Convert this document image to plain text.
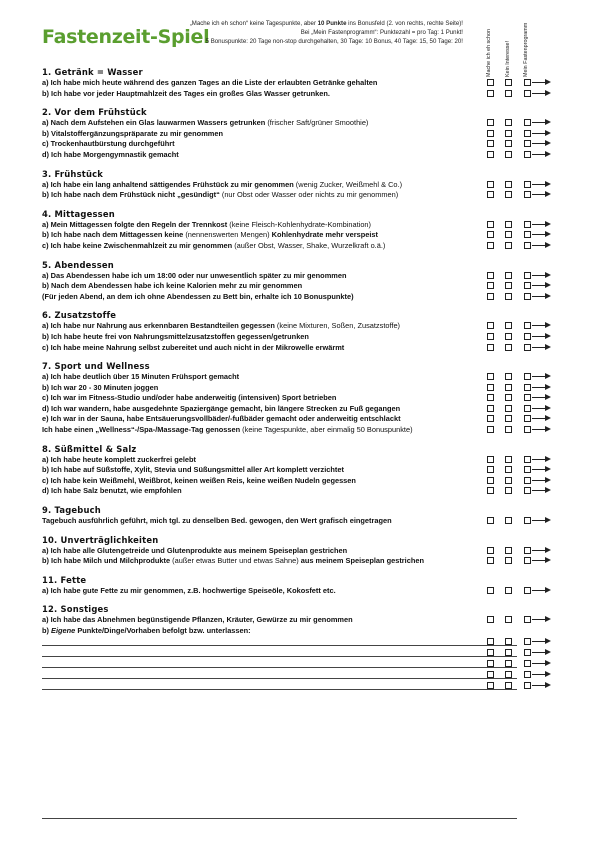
Fastenzeit-Spiel
„Mache ich eh schon“ keine Tagespunkte, aber 10 Punkte ins Bonusfeld (2. von rechts, rechte Seite)!
Bei „Mein Fastenprogramm“: Punktezahl = pro Tag: 1 Punkt!
5 Bonuspunkte: 20 Tage non-stop durchgehalten, 30 Tage: 10 Bonus, 40 Tage: 15, 50 Tage: 20!	Mache ich eh schon Kein Interesse! Mein Fastenprogramm
1. Getränk = Wasser
a) Ich habe mich heute während des ganzen Tages an die Liste der erlaubten Getränke gehalten
b) Ich habe vor jeder Hauptmahlzeit des Tages ein großes Glas Wasser getrunken.
2. Vor dem Frühstück
a) Nach dem Aufstehen ein Glas lauwarmen Wassers getrunken (frischer Saft/grüner Smoothie)
b) Vitalstoffergänzungspräparate zu mir genommen
c) Trockenhautbürstung durchgeführt
d) Ich habe Morgengymnastik gemacht
3. Frühstück
a) Ich habe ein lang anhaltend sättigendes Frühstück zu mir genommen (wenig Zucker, Weißmehl & Co.)
b) Ich habe nach dem Frühstück nicht „gesündigt“ (nur Obst oder Wasser oder nichts zu mir genommen)
4. Mittagessen
a) Mein Mittagessen folgte den Regeln der Trennkost (keine Fleisch-Kohlenhydrate-Kombination)
b) Ich habe nach dem Mittagessen keine (nennenswerten Mengen) Kohlenhydrate mehr verspeist
c) Ich habe keine Zwischenmahlzeit zu mir genommen (außer Obst, Wasser, Shake, Wurzelkraft o.ä.)
5. Abendessen
a) Das Abendessen habe ich um 18:00 oder nur unwesentlich später zu mir genommen
b) Nach dem Abendessen habe ich keine Kalorien mehr zu mir genommen
(Für jeden Abend, an dem ich ohne Abendessen zu Bett bin, erhalte ich 10 Bonuspunkte)
6. Zusatzstoffe
a) Ich habe nur Nahrung aus erkennbaren Bestandteilen gegessen (keine Mixturen, Soßen, Zusatzstoffe)
b) Ich habe heute frei von Nahrungsmittelzusatzstoffen gegessen/getrunken
c) Ich habe meine Nahrung selbst zubereitet und auch nicht in der Mikrowelle erwärmt
7. Sport und Wellness
a) Ich habe deutlich über 15 Minuten Frühsport gemacht
b) Ich war 20 - 30 Minuten joggen
c) Ich war im Fitness-Studio und/oder habe anderweitig (intensiven) Sport betrieben
d) Ich war wandern, habe ausgedehnte Spaziergänge gemacht, bin längere Strecken zu Fuß gegangen
e) Ich war in der Sauna, habe Entsäuerungsvollbäder/-fußbäder gemacht oder anderweitig entschlackt
Ich habe einen „Wellness“-/Spa-/Massage-Tag genossen (keine Tagespunkte, aber einmalig 50 Bonuspunkte)
8. Süßmittel & Salz
a) Ich habe heute komplett zuckerfrei gelebt
b) Ich habe auf Süßstoffe, Xylit, Stevia und Süßungsmittel aller Art komplett verzichtet
c) Ich habe kein Weißmehl, Weißbrot, keinen weißen Reis, keine weißen Nudeln gegessen
d) Ich habe Salz benutzt, wie empfohlen
9. Tagebuch
Tagebuch ausführlich geführt, mich tgl. zu denselben Bed. gewogen, den Wert grafisch eingetragen
10. Unverträglichkeiten
a) Ich habe alle Glutengetreide und Glutenprodukte aus meinem Speiseplan gestrichen
b) Ich habe Milch und Milchprodukte (außer etwas Butter und etwas Sahne) aus meinem Speiseplan gestrichen
11. Fette
a) Ich habe gute Fette zu mir genommen, z.B. hochwertige Speiseöle, Kokosfett etc.
12. Sonstiges
a) Ich habe das Abnehmen begünstigende Pflanzen, Kräuter, Gewürze zu mir genommen
b) Eigene Punkte/Dinge/Vorhaben befolgt bzw. unterlassen:
